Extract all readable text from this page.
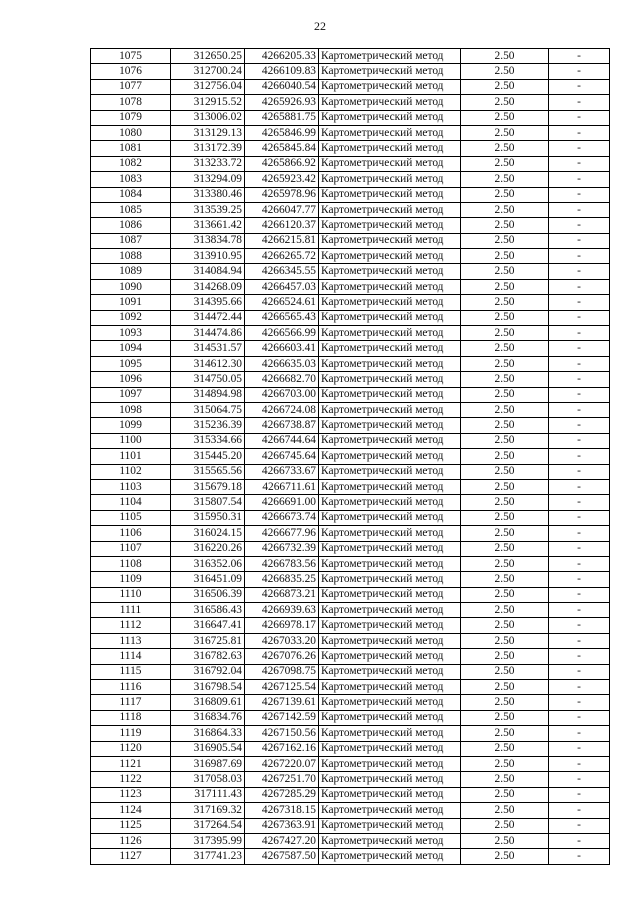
22
1075	312650.25	4266205.33	Картометрический метод	2.50	-
1076	312700.24	4266109.83	Картометрический метод	2.50	-
1077	312756.04	4266040.54	Картометрический метод	2.50	-
1078	312915.52	4265926.93	Картометрический метод	2.50	-
1079	313006.02	4265881.75	Картометрический метод	2.50	-
1080	313129.13	4265846.99	Картометрический метод	2.50	-
1081	313172.39	4265845.84	Картометрический метод	2.50	-
1082	313233.72	4265866.92	Картометрический метод	2.50	-
1083	313294.09	4265923.42	Картометрический метод	2.50	-
1084	313380.46	4265978.96	Картометрический метод	2.50	-
1085	313539.25	4266047.77	Картометрический метод	2.50	-
1086	313661.42	4266120.37	Картометрический метод	2.50	-
1087	313834.78	4266215.81	Картометрический метод	2.50	-
1088	313910.95	4266265.72	Картометрический метод	2.50	-
1089	314084.94	4266345.55	Картометрический метод	2.50	-
1090	314268.09	4266457.03	Картометрический метод	2.50	-
1091	314395.66	4266524.61	Картометрический метод	2.50	-
1092	314472.44	4266565.43	Картометрический метод	2.50	-
1093	314474.86	4266566.99	Картометрический метод	2.50	-
1094	314531.57	4266603.41	Картометрический метод	2.50	-
1095	314612.30	4266635.03	Картометрический метод	2.50	-
1096	314750.05	4266682.70	Картометрический метод	2.50	-
1097	314894.98	4266703.00	Картометрический метод	2.50	-
1098	315064.75	4266724.08	Картометрический метод	2.50	-
1099	315236.39	4266738.87	Картометрический метод	2.50	-
1100	315334.66	4266744.64	Картометрический метод	2.50	-
1101	315445.20	4266745.64	Картометрический метод	2.50	-
1102	315565.56	4266733.67	Картометрический метод	2.50	-
1103	315679.18	4266711.61	Картометрический метод	2.50	-
1104	315807.54	4266691.00	Картометрический метод	2.50	-
1105	315950.31	4266673.74	Картометрический метод	2.50	-
1106	316024.15	4266677.96	Картометрический метод	2.50	-
1107	316220.26	4266732.39	Картометрический метод	2.50	-
1108	316352.06	4266783.56	Картометрический метод	2.50	-
1109	316451.09	4266835.25	Картометрический метод	2.50	-
1110	316506.39	4266873.21	Картометрический метод	2.50	-
1111	316586.43	4266939.63	Картометрический метод	2.50	-
1112	316647.41	4266978.17	Картометрический метод	2.50	-
1113	316725.81	4267033.20	Картометрический метод	2.50	-
1114	316782.63	4267076.26	Картометрический метод	2.50	-
1115	316792.04	4267098.75	Картометрический метод	2.50	-
1116	316798.54	4267125.54	Картометрический метод	2.50	-
1117	316809.61	4267139.61	Картометрический метод	2.50	-
1118	316834.76	4267142.59	Картометрический метод	2.50	-
1119	316864.33	4267150.56	Картометрический метод	2.50	-
1120	316905.54	4267162.16	Картометрический метод	2.50	-
1121	316987.69	4267220.07	Картометрический метод	2.50	-
1122	317058.03	4267251.70	Картометрический метод	2.50	-
1123	317111.43	4267285.29	Картометрический метод	2.50	-
1124	317169.32	4267318.15	Картометрический метод	2.50	-
1125	317264.54	4267363.91	Картометрический метод	2.50	-
1126	317395.99	4267427.20	Картометрический метод	2.50	-
1127	317741.23	4267587.50	Картометрический метод	2.50	-
